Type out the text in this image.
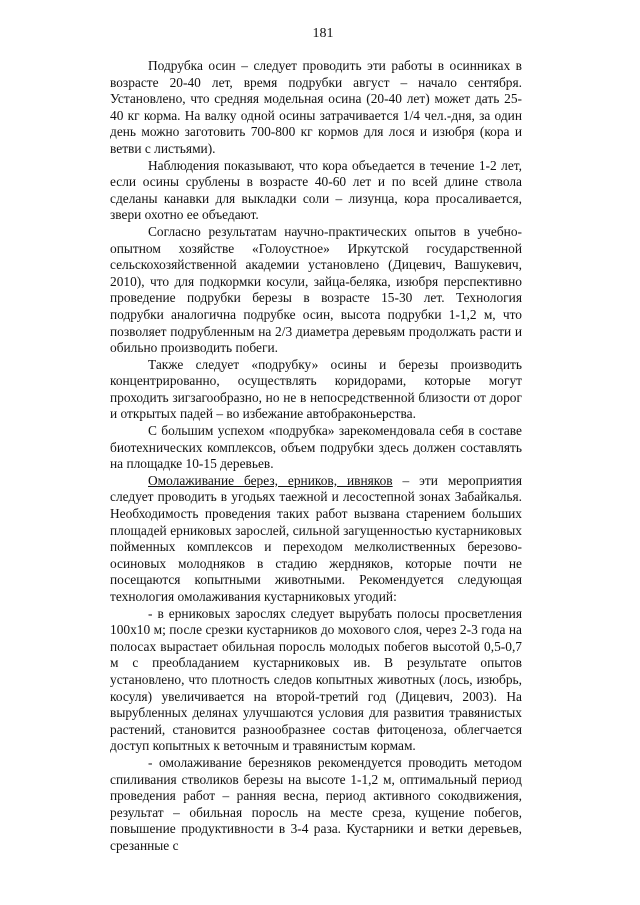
181

Подрубка осин – следует проводить эти работы в осинниках в возрасте 20-40 лет, время подрубки август – начало сентября. Установлено, что средняя модельная осина (20-40 лет) может дать 25-40 кг корма. На валку одной осины затрачивается 1/4 чел.-дня, за один день можно заготовить 700-800 кг кормов для лося и изюбря (кора и ветви с листьями).

Наблюдения показывают, что кора объедается в течение 1-2 лет, если осины срублены в возрасте 40-60 лет и по всей длине ствола сделаны канавки для выкладки соли – лизунца, кора просаливается, звери охотно ее объедают.

Согласно результатам научно-практических опытов в учебно-опытном хозяйстве «Голоустное» Иркутской государственной сельскохозяйственной академии установлено (Дицевич, Вашукевич, 2010), что для подкормки косули, зайца-беляка, изюбря перспективно проведение подрубки березы в возрасте 15-30 лет. Технология подрубки аналогична подрубке осин, высота подрубки 1-1,2 м, что позволяет подрубленным на 2/3 диаметра деревьям продолжать расти и обильно производить побеги.

Также следует «подрубку» осины и березы производить концентрированно, осуществлять коридорами, которые могут проходить зигзагообразно, но не в непосредственной близости от дорог и открытых падей – во избежание автобраконьерства.

С большим успехом «подрубка» зарекомендовала себя в составе биотехнических комплексов, объем подрубки здесь должен составлять на площадке 10-15 деревьев.

Омолаживание берез, ерников, ивняков – эти мероприятия следует проводить в угодьях таежной и лесостепной зонах Забайкалья. Необходимость проведения таких работ вызвана старением больших площадей ерниковых зарослей, сильной загущенностью кустарниковых пойменных комплексов и переходом мелколиственных березово-осиновых молодняков в стадию жердняков, которые почти не посещаются копытными животными. Рекомендуется следующая технология омолаживания кустарниковых угодий:

- в ерниковых зарослях следует вырубать полосы просветления 100х10 м; после срезки кустарников до мохового слоя, через 2-3 года на полосах вырастает обильная поросль молодых побегов высотой 0,5-0,7 м с преобладанием кустарниковых ив. В результате опытов установлено, что плотность следов копытных животных (лось, изюбрь, косуля) увеличивается на второй-третий год (Дицевич, 2003). На вырубленных делянах улучшаются условия для развития травянистых растений, становится разнообразнее состав фитоценоза, облегчается доступ копытных к веточным и травянистым кормам.

- омолаживание березняков рекомендуется проводить методом спиливания стволиков березы на высоте 1-1,2 м, оптимальный период проведения работ – ранняя весна, период активного сокодвижения, результат – обильная поросль на месте среза, кущение побегов, повышение продуктивности в 3-4 раза. Кустарники и ветки деревьев, срезанные с
